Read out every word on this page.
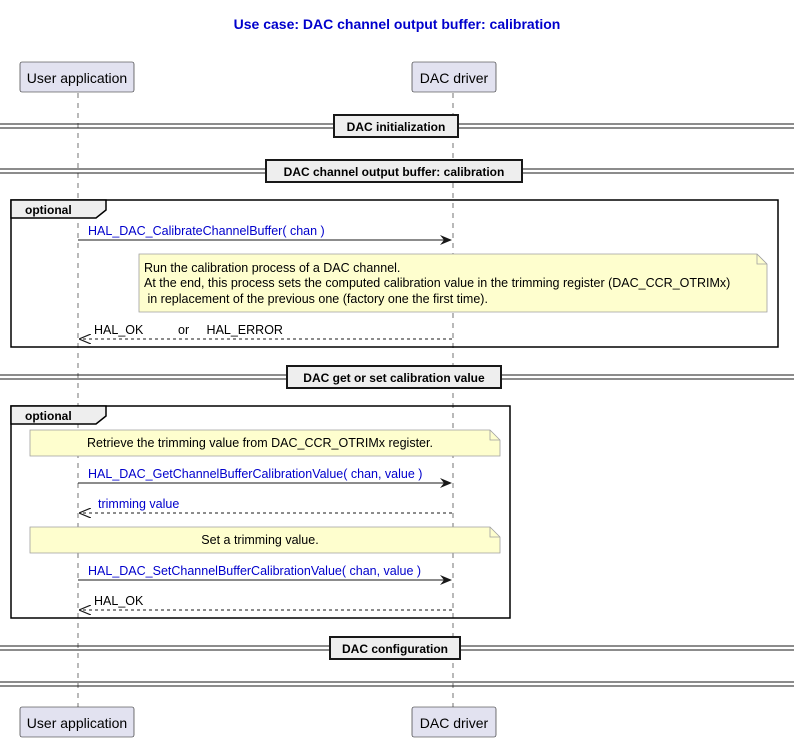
Use case: DAC channel output buffer: calibration
User application	DAC driver
DAC initialization
DAC channel output buffer: calibration
optional
HAL_DAC_CalibrateChannelBuffer( chan )
Run the calibration process of a DAC channel.
At the end, this process sets the computed calibration value in the trimming register (DAC_CCR_OTRIMx)
in replacement of the previous one (factory one the first time).
HAL_OK          or     HAL_ERROR
DAC get or set calibration value
optional
Retrieve the trimming value from DAC_CCR_OTRIMx register.
HAL_DAC_GetChannelBufferCalibrationValue( chan, value )
trimming value
Set a trimming value.
HAL_DAC_SetChannelBufferCalibrationValue( chan, value )
HAL_OK
DAC configuration
User application	DAC driver
